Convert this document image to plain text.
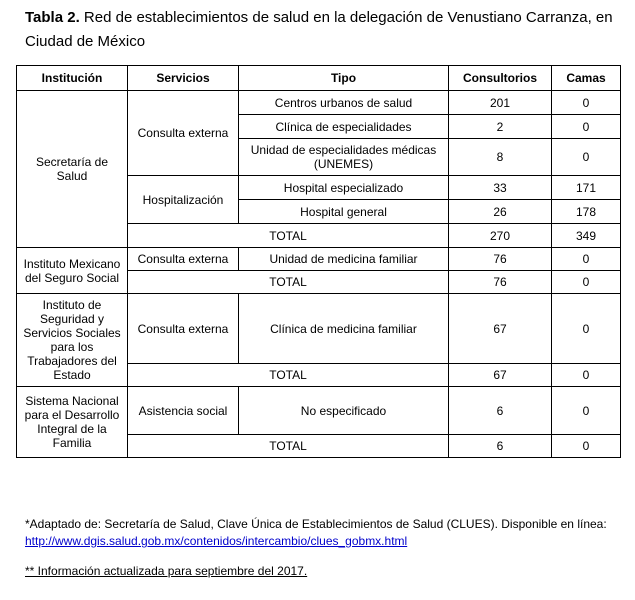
Tabla 2. Red de establecimientos de salud en la delegación de Venustiano Carranza, en Ciudad de México
Institución	Servicios	Tipo	Consultorios	Camas
Secretaría de Salud	Consulta externa	Centros urbanos de salud	201	0
		Clínica de especialidades	2	0
		Unidad de especialidades médicas (UNEMES)	8	0
	Hospitalización	Hospital especializado	33	171
		Hospital general	26	178
	TOTAL		270	349
Instituto Mexicano del Seguro Social	Consulta externa	Unidad de medicina familiar	76	0
	TOTAL		76	0
Instituto de Seguridad y Servicios Sociales para los Trabajadores del Estado	Consulta externa	Clínica de medicina familiar	67	0
	TOTAL		67	0
Sistema Nacional para el Desarrollo Integral de la Familia	Asistencia social	No especificado	6	0
	TOTAL		6	0
*Adaptado de: Secretaría de Salud, Clave Única de Establecimientos de Salud (CLUES). Disponible en línea: http://www.dgis.salud.gob.mx/contenidos/intercambio/clues_gobmx.html
** Información actualizada para septiembre del 2017.
